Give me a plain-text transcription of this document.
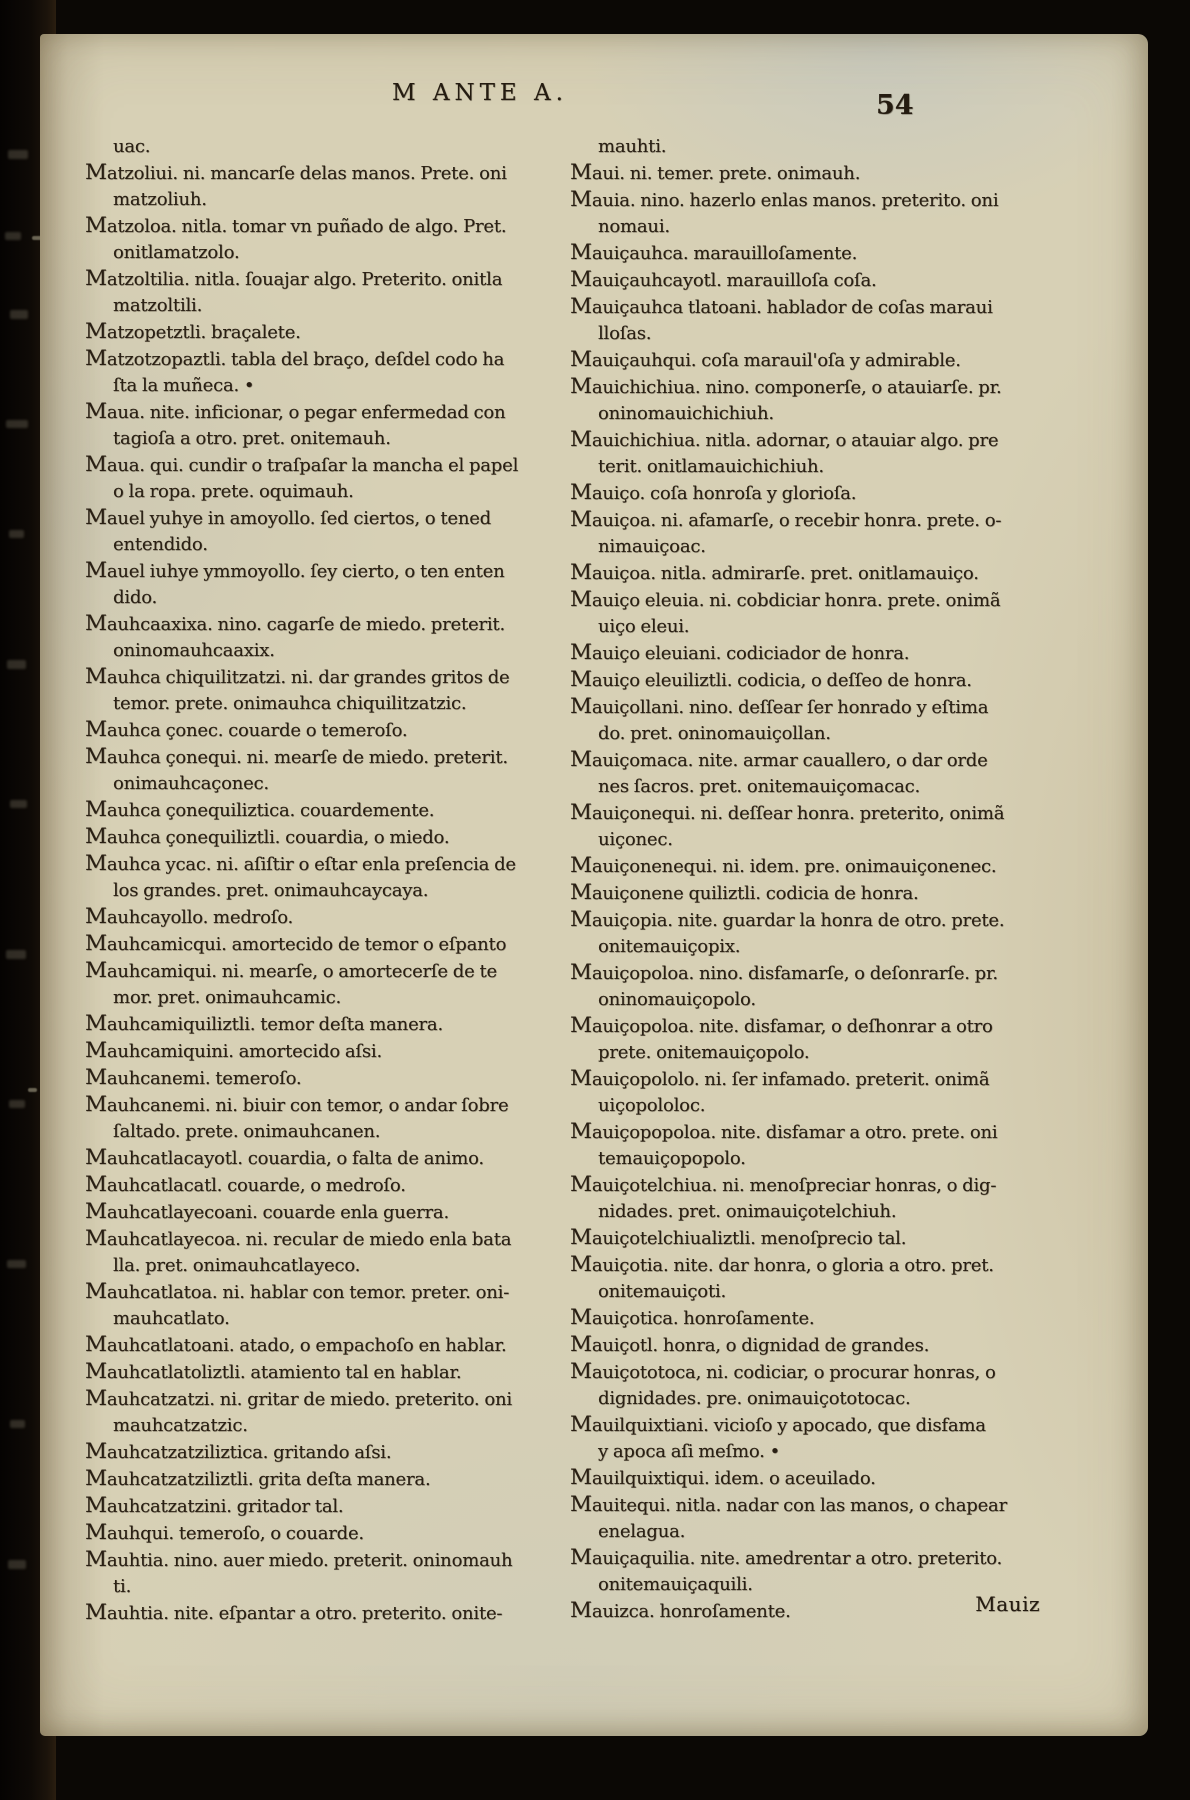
M ANTE A.	54
uac.
Matzoliui. ni. mancarſe delas manos. Prete. oni
matzoliuh.
Matzoloa. nitla. tomar vn puñado de algo. Pret.
onitlamatzolo.
Matzoltilia. nitla. ſouajar algo. Preterito. onitla
matzoltili.
Matzopetztli. braçalete.
Matzotzopaztli. tabla del braço, deſdel codo ha
ſta la muñeca. •
Maua. nite. inficionar, o pegar enfermedad con
tagioſa a otro. pret. onitemauh.
Maua. qui. cundir o traſpaſar la mancha el papel
o la ropa. prete. oquimauh.
Mauel yuhye in amoyollo. ſed ciertos, o tened
entendido.
Mauel iuhye ymmoyollo. ſey cierto, o ten enten
dido.
Mauhcaaxixa. nino. cagarſe de miedo. preterit.
oninomauhcaaxix.
Mauhca chiquilitzatzi. ni. dar grandes gritos de
temor. prete. onimauhca chiquilitzatzic.
Mauhca çonec. couarde o temeroſo.
Mauhca çonequi. ni. mearſe de miedo. preterit.
onimauhcaçonec.
Mauhca çonequiliztica. couardemente.
Mauhca çonequiliztli. couardia, o miedo.
Mauhca ycac. ni. aſiſtir o eſtar enla preſencia de
los grandes. pret. onimauhcaycaya.
Mauhcayollo. medroſo.
Mauhcamicqui. amortecido de temor o eſpanto
Mauhcamiqui. ni. mearſe, o amortecerſe de te
mor. pret. onimauhcamic.
Mauhcamiquiliztli. temor deſta manera.
Mauhcamiquini. amortecido aſsi.
Mauhcanemi. temeroſo.
Mauhcanemi. ni. biuir con temor, o andar ſobre
ſaltado. prete. onimauhcanen.
Mauhcatlacayotl. couardia, o falta de animo.
Mauhcatlacatl. couarde, o medroſo.
Mauhcatlayecoani. couarde enla guerra.
Mauhcatlayecoa. ni. recular de miedo enla bata
lla. pret. onimauhcatlayeco.
Mauhcatlatoa. ni. hablar con temor. preter. oni-
mauhcatlato.
Mauhcatlatoani. atado, o empachoſo en hablar.
Mauhcatlatoliztli. atamiento tal en hablar.
Mauhcatzatzi. ni. gritar de miedo. preterito. oni
mauhcatzatzic.
Mauhcatzatziliztica. gritando aſsi.
Mauhcatzatziliztli. grita deſta manera.
Mauhcatzatzini. gritador tal.
Mauhqui. temeroſo, o couarde.
Mauhtia. nino. auer miedo. preterit. oninomauh
ti.
Mauhtia. nite. eſpantar a otro. preterito. onite-
mauhti.
Maui. ni. temer. prete. onimauh.
Mauia. nino. hazerlo enlas manos. preterito. oni
nomaui.
Mauiçauhca. marauilloſamente.
Mauiçauhcayotl. marauilloſa coſa.
Mauiçauhca tlatoani. hablador de coſas maraui
lloſas.
Mauiçauhqui. coſa marauil'oſa y admirable.
Mauichichiua. nino. componerſe, o atauiarſe. pr.
oninomauichichiuh.
Mauichichiua. nitla. adornar, o atauiar algo. pre
terit. onitlamauichichiuh.
Mauiço. coſa honroſa y glorioſa.
Mauiçoa. ni. afamarſe, o recebir honra. prete. o-
nimauiçoac.
Mauiçoa. nitla. admirarſe. pret. onitlamauiço.
Mauiço eleuia. ni. cobdiciar honra. prete. onimã
uiço eleui.
Mauiço eleuiani. codiciador de honra.
Mauiço eleuiliztli. codicia, o deſſeo de honra.
Mauiçollani. nino. deſſear ſer honrado y eſtima
do. pret. oninomauiçollan.
Mauiçomaca. nite. armar cauallero, o dar orde
nes ſacros. pret. onitemauiçomacac.
Mauiçonequi. ni. deſſear honra. preterito, onimã
uiçonec.
Mauiçonenequi. ni. idem. pre. onimauiçonenec.
Mauiçonene quiliztli. codicia de honra.
Mauiçopia. nite. guardar la honra de otro. prete.
onitemauiçopix.
Mauiçopoloa. nino. disfamarſe, o deſonrarſe. pr.
oninomauiçopolo.
Mauiçopoloa. nite. disfamar, o deſhonrar a otro
prete. onitemauiçopolo.
Mauiçopololo. ni. ſer infamado. preterit. onimã
uiçopololoc.
Mauiçopopoloa. nite. disfamar a otro. prete. oni
temauiçopopolo.
Mauiçotelchiua. ni. menoſpreciar honras, o dig-
nidades. pret. onimauiçotelchiuh.
Mauiçotelchiualiztli. menoſprecio tal.
Mauiçotia. nite. dar honra, o gloria a otro. pret.
onitemauiçoti.
Mauiçotica. honroſamente.
Mauiçotl. honra, o dignidad de grandes.
Mauiçototoca, ni. codiciar, o procurar honras, o
dignidades. pre. onimauiçototocac.
Mauilquixtiani. vicioſo y apocado, que disfama
y apoca aſi meſmo. •
Mauilquixtiqui. idem. o aceuilado.
Mauitequi. nitla. nadar con las manos, o chapear
enelagua.
Mauiçaquilia. nite. amedrentar a otro. preterito.
onitemauiçaquili.
Mauizca. honroſamente.	Mauiz
